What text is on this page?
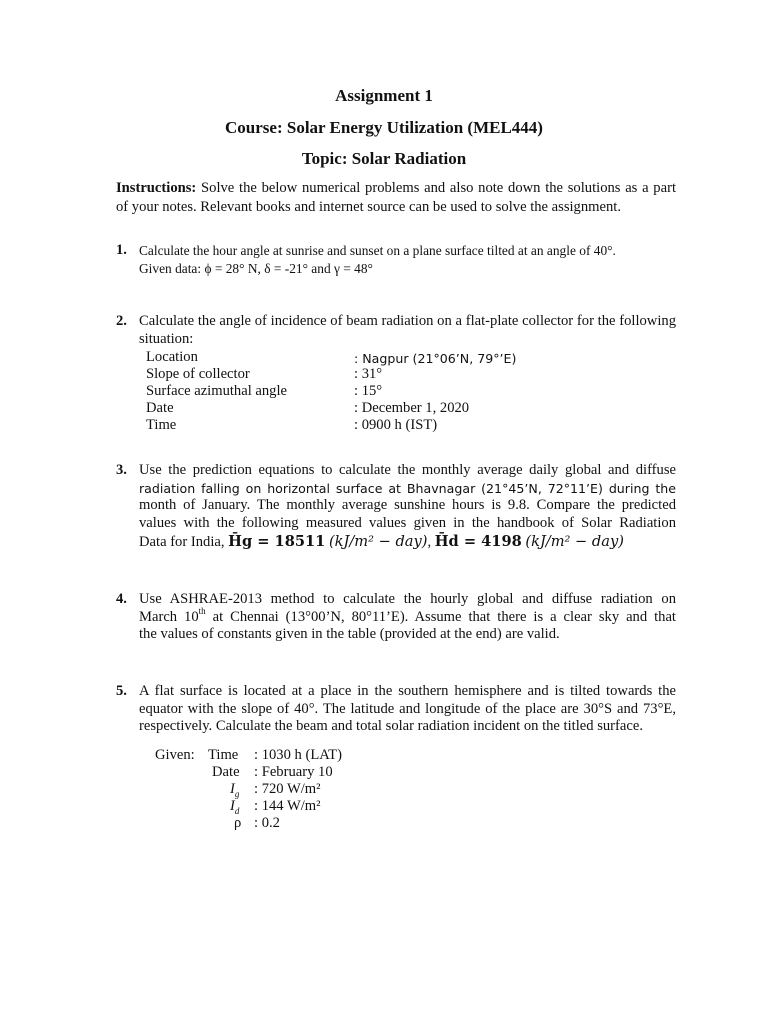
Assignment 1
Course: Solar Energy Utilization (MEL444)
Topic: Solar Radiation
Instructions: Solve the below numerical problems and also note down the solutions as a part of your notes. Relevant books and internet source can be used to solve the assignment.
1. Calculate the hour angle at sunrise and sunset on a plane surface tilted at an angle of 40°.
Given data: ϕ = 28° N, δ = -21° and γ = 48°
2. Calculate the angle of incidence of beam radiation on a flat-plate collector for the following situation:
Location	: Nagpur (21°06’N, 79°’E)
Slope of collector	: 31°
Surface azimuthal angle	: 15°
Date	: December 1, 2020
Time	: 0900 h (IST)
3. Use the prediction equations to calculate the monthly average daily global and diffuse
radiation falling on horizontal surface at Bhavnagar (21°45’N, 72°11’E) during the
month of January. The monthly average sunshine hours is 9.8. Compare the predicted
values with the following measured values given in the handbook of Solar Radiation
Data for India, H̄g = 18511 (kJ/m² − day), H̄d = 4198 (kJ/m² − day)
4. Use ASHRAE-2013 method to calculate the hourly global and diffuse radiation on
March 10th at Chennai (13°00’N, 80°11’E). Assume that there is a clear sky and that
the values of constants given in the table (provided at the end) are valid.
5. A flat surface is located at a place in the southern hemisphere and is tilted towards the
equator with the slope of 40°. The latitude and longitude of the place are 30°S and 73°E,
respectively. Calculate the beam and total solar radiation incident on the titled surface.
Given: Time : 1030 h (LAT)
Date : February 10
$I_g$ : 720 W/m²
$I_d$ : 144 W/m²
ρ : 0.2
